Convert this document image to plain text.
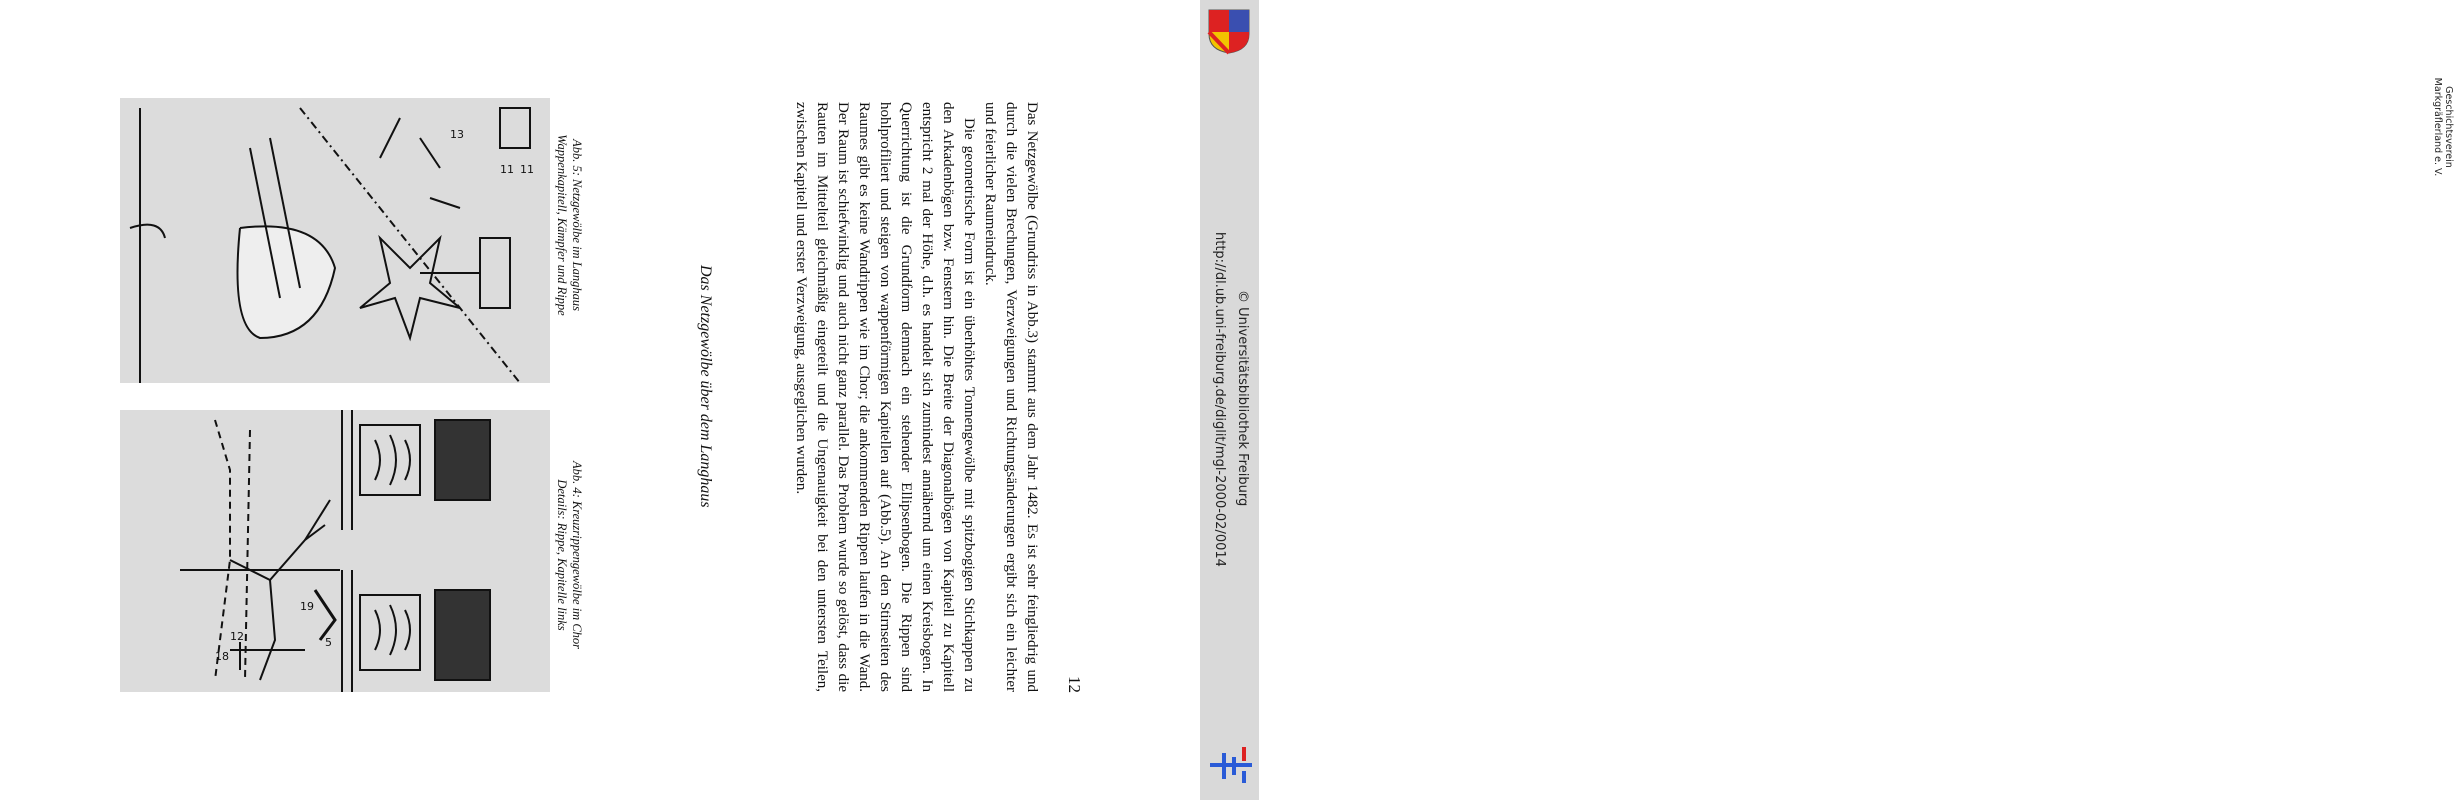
19
5
12
18
13
11 11	Abb. 5: Netzgewölbe im Langhaus
Wappenkapitell, Kämpfer und Rippe
Abb. 4: Kreuzrippengewölbe im Chor
Details: Rippe, Kapitelle links
Das Netzgewölbe über dem Langhaus	Das Netzgewölbe (Grundriss in Abb.3) stammt aus dem Jahr 1482. Es ist sehr feingliedrig und durch die vielen Brechungen, Verzweigungen und Richtungsänderungen ergibt sich ein leichter und feierlicher Raumeindruck.

Die geometrische Form ist ein überhöhtes Tonnengewölbe mit spitzbogigen Stichkappen zu den Arkadenbögen bzw. Fenstern hin. Die Breite der Diagonalbögen von Kapitell zu Kapitell entspricht 2 mal der Höhe, d.h. es handelt sich zumindest annähernd um einen Kreisbogen. In Querrichtung ist die Grundform demnach ein stehender Ellipsenbogen. Die Rippen sind hohlprofiliert und steigen von wappenförmigen Kapitellen auf (Abb.5). An den Stirnseiten des Raumes gibt es keine Wandrippen wie im Chor; die ankommenden Rippen laufen in die Wand. Der Raum ist schiefwinklig und auch nicht ganz parallel. Das Problem wurde so gelöst, dass die Rauten im Mittelteil gleichmäßig eingeteilt und die Ungenauigkeit bei den untersten Teilen, zwischen Kapitell und erster Verzweigung, ausgeglichen wurden.

12
Geschichtsverein
Markgräflerland e. V.
http://dl.ub.uni-freiburg.de/diglit/mgl-2000-02/0014 © Universitätsbibliothek Freiburg
